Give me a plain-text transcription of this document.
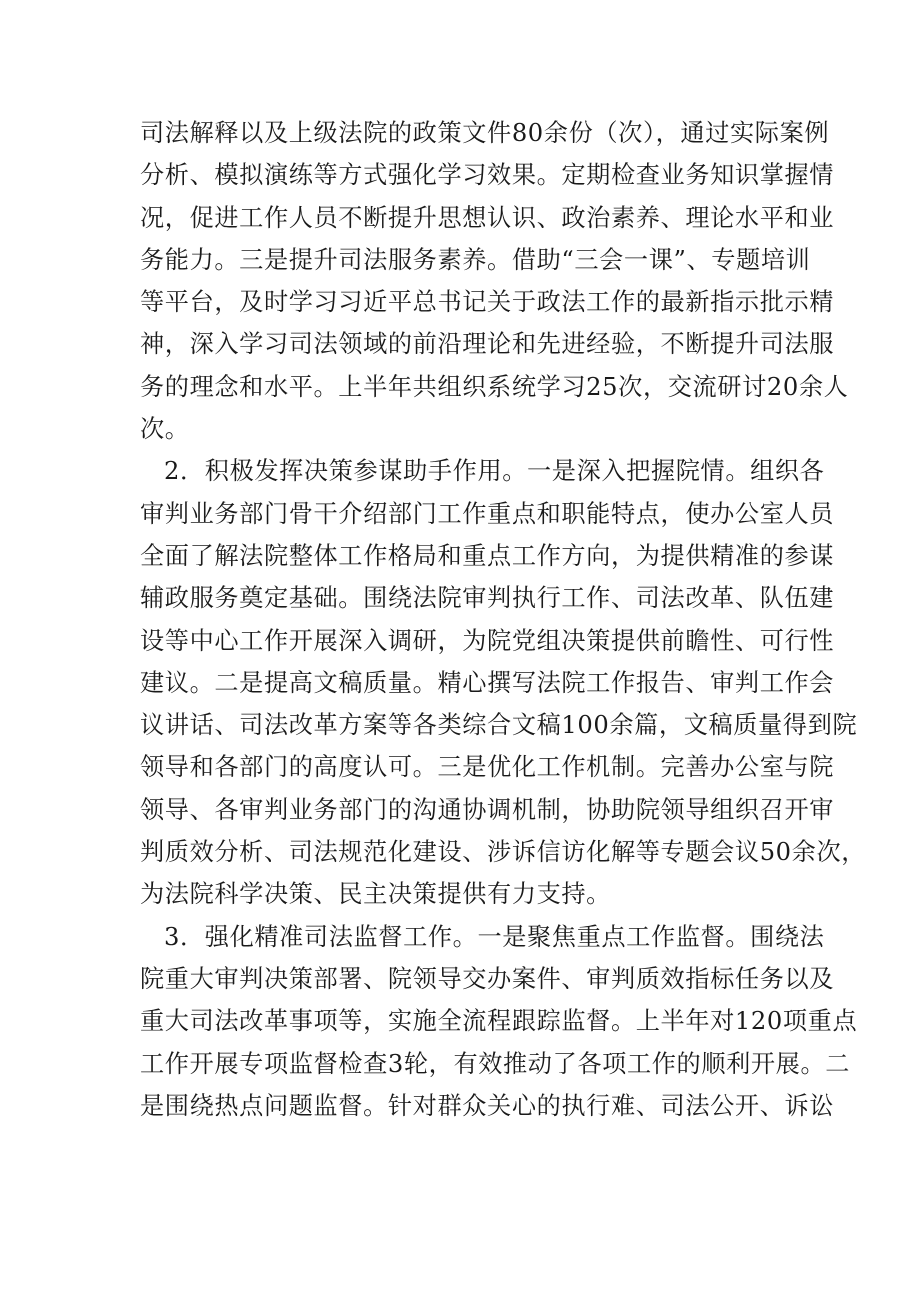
司法解释以及上级法院的政策文件80余份（次），通过实际案例
分析、模拟演练等方式强化学习效果。定期检查业务知识掌握情
况，促进工作人员不断提升思想认识、政治素养、理论水平和业
务能力。三是提升司法服务素养。借助“三会一课”、专题培训
等平台，及时学习习近平总书记关于政法工作的最新指示批示精
神，深入学习司法领域的前沿理论和先进经验，不断提升司法服
务的理念和水平。上半年共组织系统学习25次，交流研讨20余人
次。
2．积极发挥决策参谋助手作用。一是深入把握院情。组织各
审判业务部门骨干介绍部门工作重点和职能特点，使办公室人员
全面了解法院整体工作格局和重点工作方向，为提供精准的参谋
辅政服务奠定基础。围绕法院审判执行工作、司法改革、队伍建
设等中心工作开展深入调研，为院党组决策提供前瞻性、可行性
建议。二是提高文稿质量。精心撰写法院工作报告、审判工作会
议讲话、司法改革方案等各类综合文稿100余篇，文稿质量得到院
领导和各部门的高度认可。三是优化工作机制。完善办公室与院
领导、各审判业务部门的沟通协调机制，协助院领导组织召开审
判质效分析、司法规范化建设、涉诉信访化解等专题会议50余次，
为法院科学决策、民主决策提供有力支持。
3．强化精准司法监督工作。一是聚焦重点工作监督。围绕法
院重大审判决策部署、院领导交办案件、审判质效指标任务以及
重大司法改革事项等，实施全流程跟踪监督。上半年对120项重点
工作开展专项监督检查3轮，有效推动了各项工作的顺利开展。二
是围绕热点问题监督。针对群众关心的执行难、司法公开、诉讼
